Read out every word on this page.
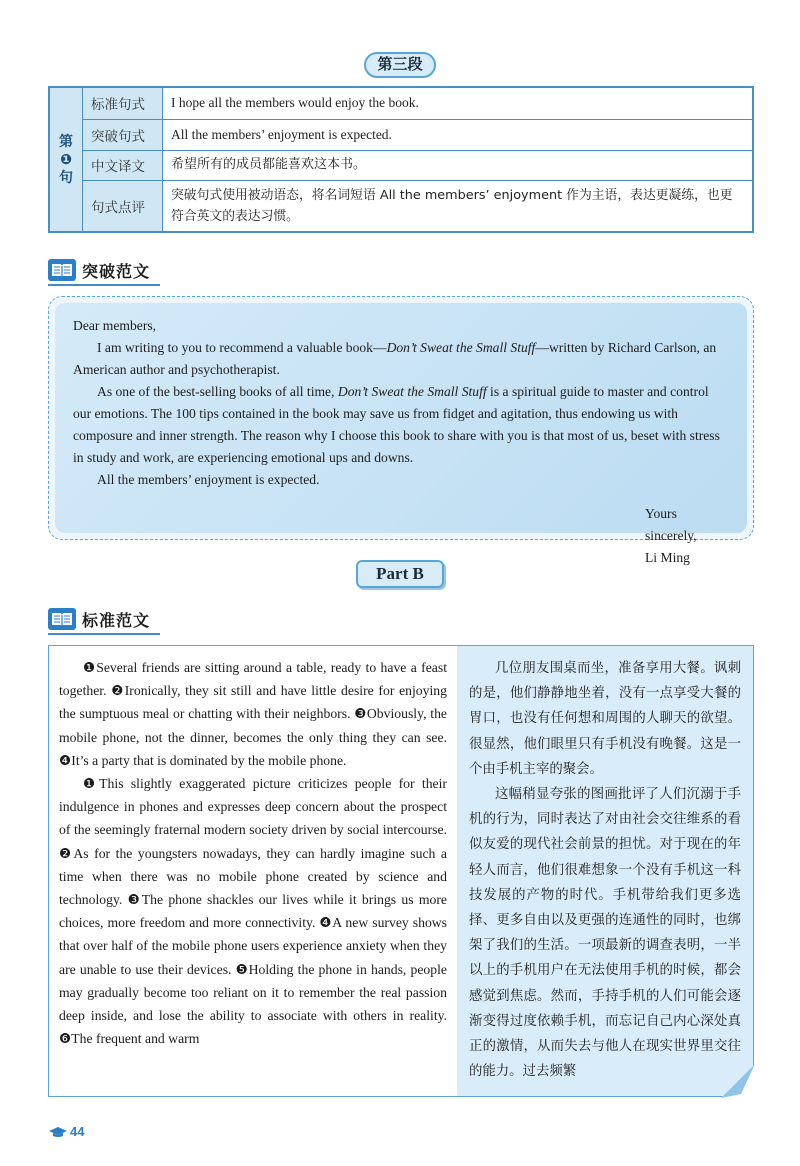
第三段
第❶句	标准句式	I hope all the members would enjoy the book.
	突破句式	All the members’ enjoyment is expected.
	中文译文	希望所有的成员都能喜欢这本书。
	句式点评	突破句式使用被动语态，将名词短语 All the members’ enjoyment 作为主语，表达更凝练，也更符合英文的表达习惯。
突破范文

Dear members,

I am writing to you to recommend a valuable book—Don’t Sweat the Small Stuff—written by Richard Carlson, an American author and psychotherapist.

As one of the best-selling books of all time, Don’t Sweat the Small Stuff is a spiritual guide to master and control our emotions. The 100 tips contained in the book may save us from fidget and agitation, thus endowing us with composure and inner strength. The reason why I choose this book to share with you is that most of us, beset with stress in study and work, are experiencing emotional ups and downs.

All the members’ enjoyment is expected.

Yours sincerely,

Li Ming

Part B
标准范文

❶Several friends are sitting around a table, ready to have a feast together. ❷Ironically, they sit still and have little desire for enjoying the sumptuous meal or chatting with their neighbors. ❸Obviously, the mobile phone, not the dinner, becomes the only thing they can see. ❹It’s a party that is dominated by the mobile phone.

❶This slightly exaggerated picture criticizes people for their indulgence in phones and expresses deep concern about the prospect of the seemingly fraternal modern society driven by social intercourse. ❷As for the youngsters nowadays, they can hardly imagine such a time when there was no mobile phone created by science and technology. ❸The phone shackles our lives while it brings us more choices, more freedom and more connectivity. ❹A new survey shows that over half of the mobile phone users experience anxiety when they are unable to use their devices. ❺Holding the phone in hands, people may gradually become too reliant on it to remember the real passion deep inside, and lose the ability to associate with others in reality. ❻The frequent and warm

几位朋友围桌而坐，准备享用大餐。讽刺的是，他们静静地坐着，没有一点享受大餐的胃口，也没有任何想和周围的人聊天的欲望。很显然，他们眼里只有手机没有晚餐。这是一个由手机主宰的聚会。

这幅稍显夸张的图画批评了人们沉溺于手机的行为，同时表达了对由社会交往维系的看似友爱的现代社会前景的担忧。对于现在的年轻人而言，他们很难想象一个没有手机这一科技发展的产物的时代。手机带给我们更多选择、更多自由以及更强的连通性的同时，也绑架了我们的生活。一项最新的调查表明，一半以上的手机用户在无法使用手机的时候，都会感觉到焦虑。然而，手持手机的人们可能会逐渐变得过度依赖手机，而忘记自己内心深处真正的激情，从而失去与他人在现实世界里交往的能力。过去频繁

44
